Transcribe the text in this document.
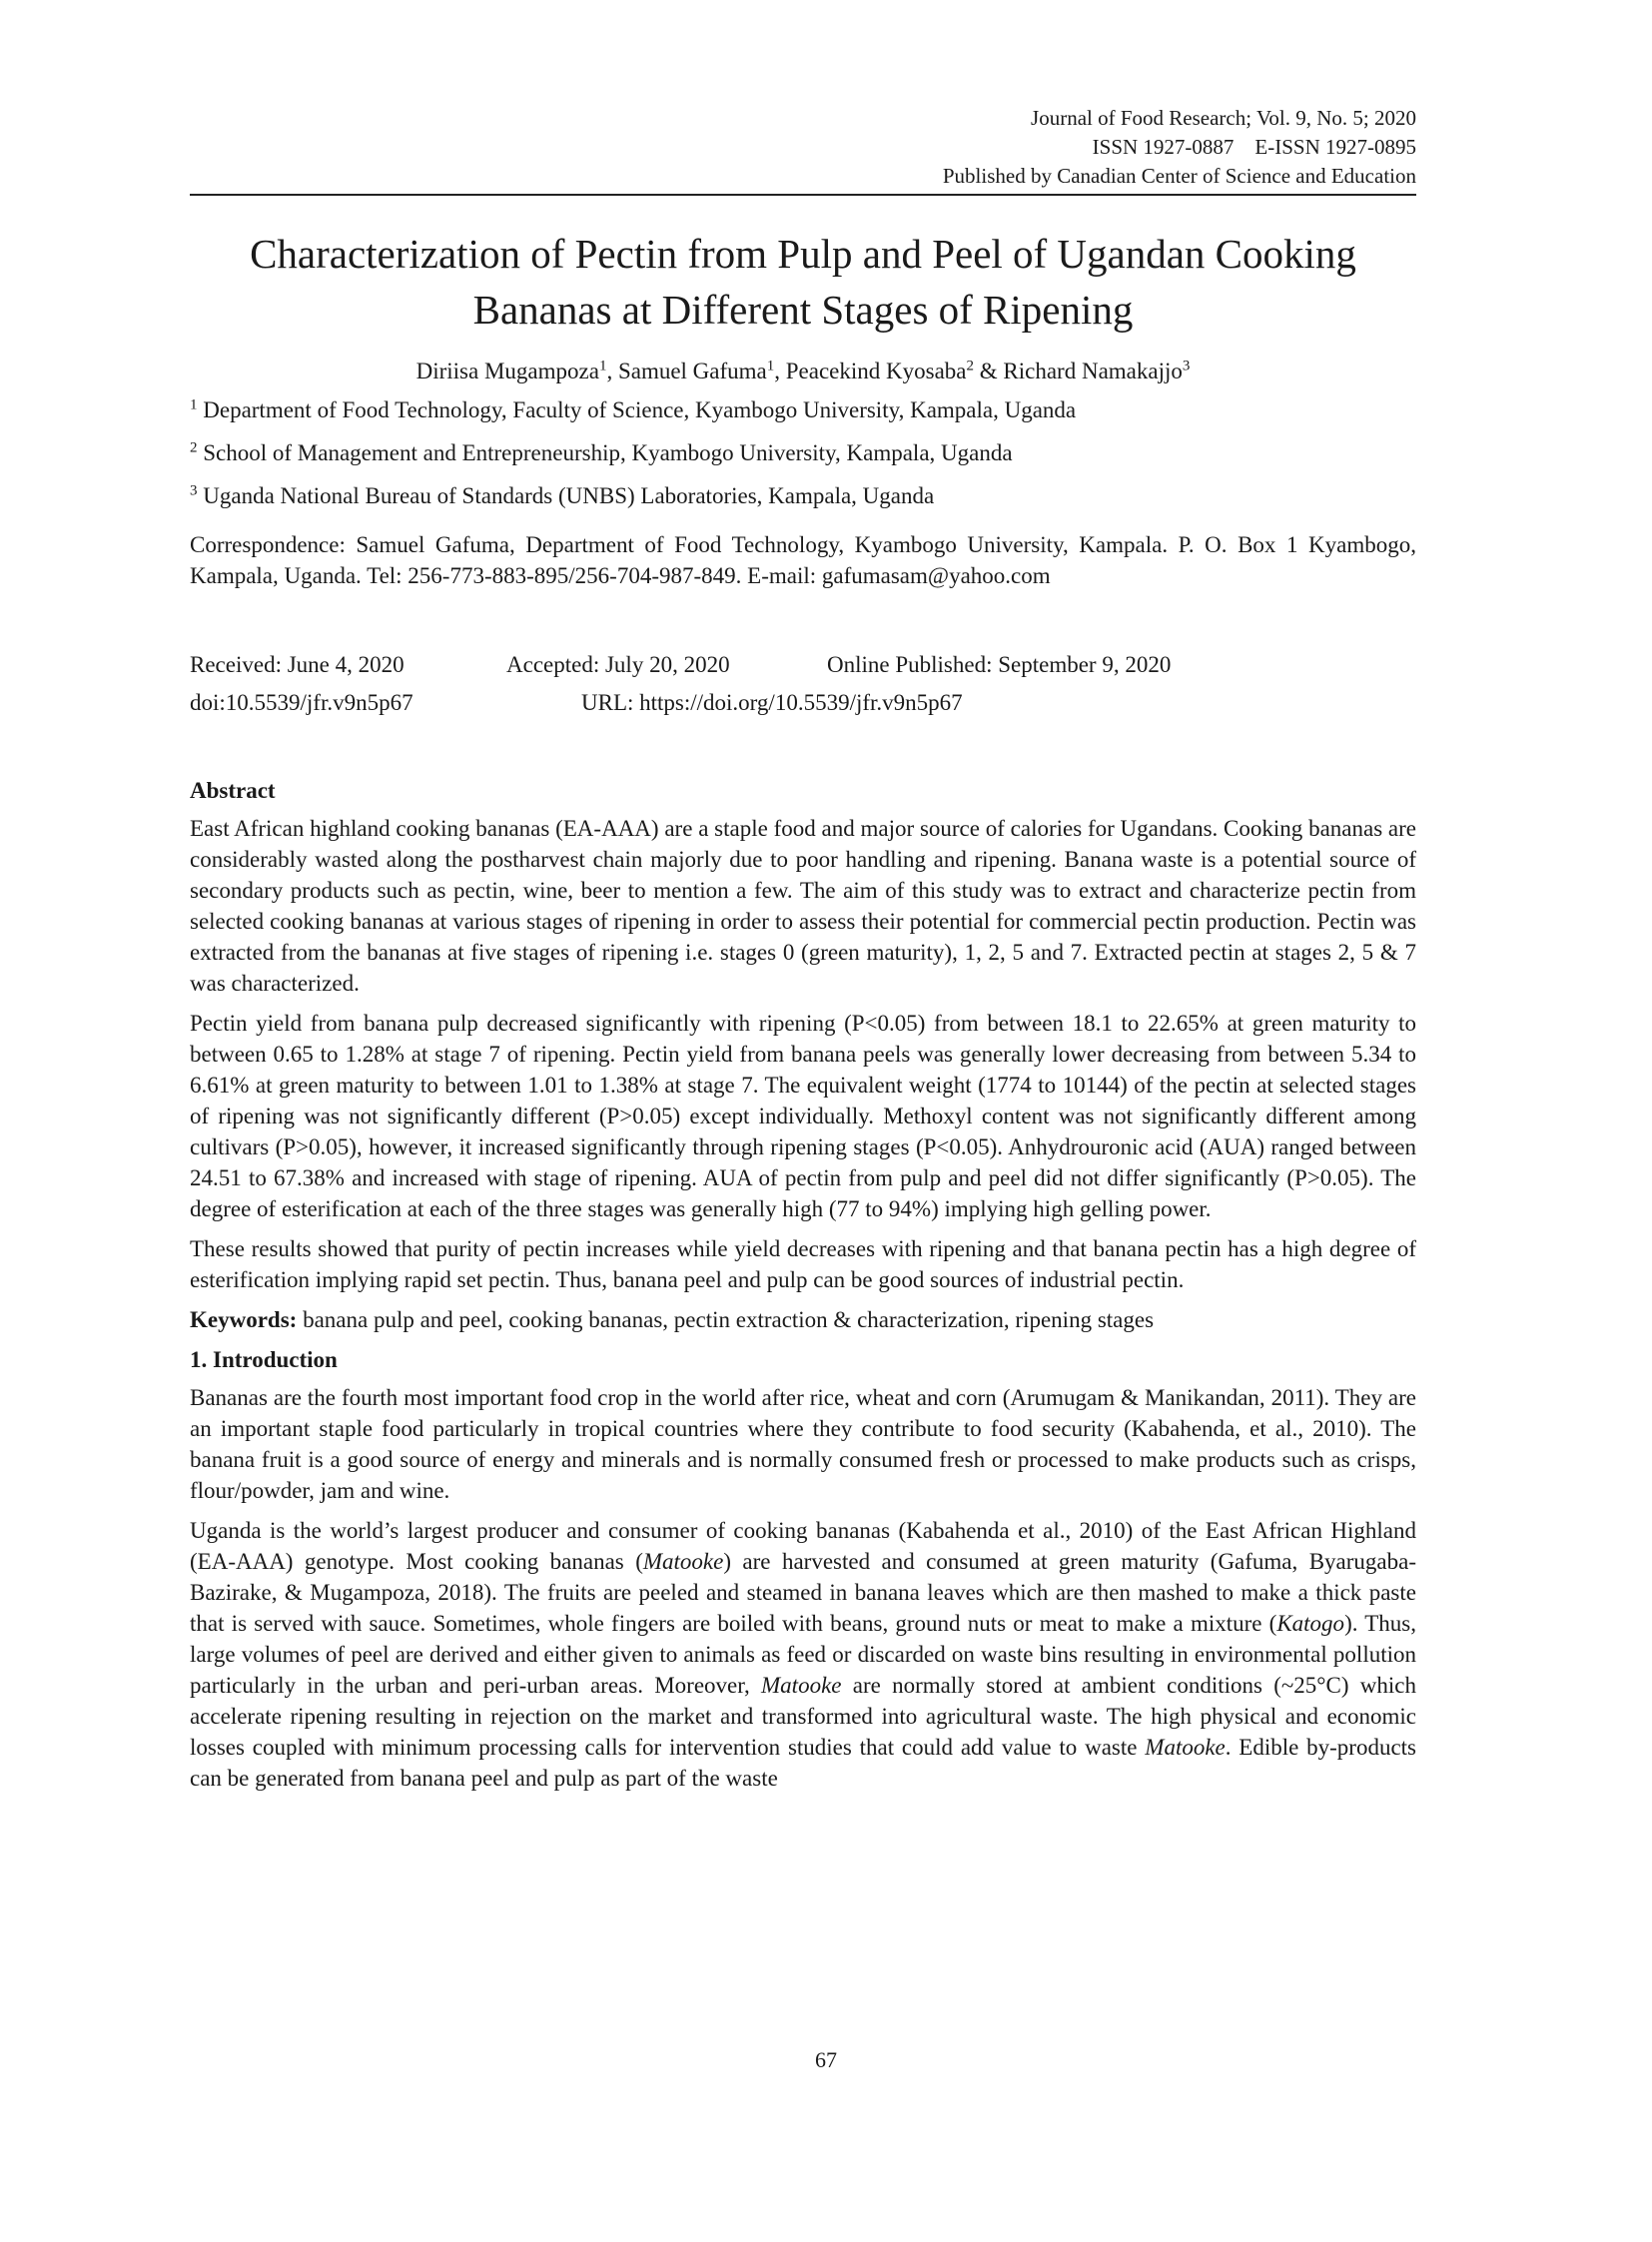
Journal of Food Research; Vol. 9, No. 5; 2020
ISSN 1927-0887    E-ISSN 1927-0895
Published by Canadian Center of Science and Education
Characterization of Pectin from Pulp and Peel of Ugandan Cooking
Bananas at Different Stages of Ripening
Diriisa Mugampoza$^1$, Samuel Gafuma$^1$, Peacekind Kyosaba$^2$ & Richard Namakajjo$^3$

$^1$ Department of Food Technology, Faculty of Science, Kyambogo University, Kampala, Uganda

$^2$ School of Management and Entrepreneurship, Kyambogo University, Kampala, Uganda

$^3$ Uganda National Bureau of Standards (UNBS) Laboratories, Kampala, Uganda

Correspondence: Samuel Gafuma, Department of Food Technology, Kyambogo University, Kampala. P. O. Box 1 Kyambogo, Kampala, Uganda. Tel: 256-773-883-895/256-704-987-849. E-mail: gafumasam@yahoo.com
Received: June 4, 2020	Accepted: July 20, 2020	Online Published: September 9, 2020
doi:10.5539/jfr.v9n5p67	URL: https://doi.org/10.5539/jfr.v9n5p67
Abstract

East African highland cooking bananas (EA-AAA) are a staple food and major source of calories for Ugandans. Cooking bananas are considerably wasted along the postharvest chain majorly due to poor handling and ripening. Banana waste is a potential source of secondary products such as pectin, wine, beer to mention a few. The aim of this study was to extract and characterize pectin from selected cooking bananas at various stages of ripening in order to assess their potential for commercial pectin production. Pectin was extracted from the bananas at five stages of ripening i.e. stages 0 (green maturity), 1, 2, 5 and 7. Extracted pectin at stages 2, 5 & 7 was characterized.

Pectin yield from banana pulp decreased significantly with ripening (P<0.05) from between 18.1 to 22.65% at green maturity to between 0.65 to 1.28% at stage 7 of ripening. Pectin yield from banana peels was generally lower decreasing from between 5.34 to 6.61% at green maturity to between 1.01 to 1.38% at stage 7. The equivalent weight (1774 to 10144) of the pectin at selected stages of ripening was not significantly different (P>0.05) except individually. Methoxyl content was not significantly different among cultivars (P>0.05), however, it increased significantly through ripening stages (P<0.05). Anhydrouronic acid (AUA) ranged between 24.51 to 67.38% and increased with stage of ripening. AUA of pectin from pulp and peel did not differ significantly (P>0.05). The degree of esterification at each of the three stages was generally high (77 to 94%) implying high gelling power.

These results showed that purity of pectin increases while yield decreases with ripening and that banana pectin has a high degree of esterification implying rapid set pectin. Thus, banana peel and pulp can be good sources of industrial pectin.

Keywords: banana pulp and peel, cooking bananas, pectin extraction & characterization, ripening stages

1. Introduction

Bananas are the fourth most important food crop in the world after rice, wheat and corn (Arumugam & Manikandan, 2011). They are an important staple food particularly in tropical countries where they contribute to food security (Kabahenda, et al., 2010). The banana fruit is a good source of energy and minerals and is normally consumed fresh or processed to make products such as crisps, flour/powder, jam and wine.

Uganda is the world’s largest producer and consumer of cooking bananas (Kabahenda et al., 2010) of the East African Highland (EA-AAA) genotype. Most cooking bananas (Matooke) are harvested and consumed at green maturity (Gafuma, Byarugaba-Bazirake, & Mugampoza, 2018). The fruits are peeled and steamed in banana leaves which are then mashed to make a thick paste that is served with sauce. Sometimes, whole fingers are boiled with beans, ground nuts or meat to make a mixture (Katogo). Thus, large volumes of peel are derived and either given to animals as feed or discarded on waste bins resulting in environmental pollution particularly in the urban and peri-urban areas. Moreover, Matooke are normally stored at ambient conditions (~25°C) which accelerate ripening resulting in rejection on the market and transformed into agricultural waste. The high physical and economic losses coupled with minimum processing calls for intervention studies that could add value to waste Matooke. Edible by-products can be generated from banana peel and pulp as part of the waste

67
